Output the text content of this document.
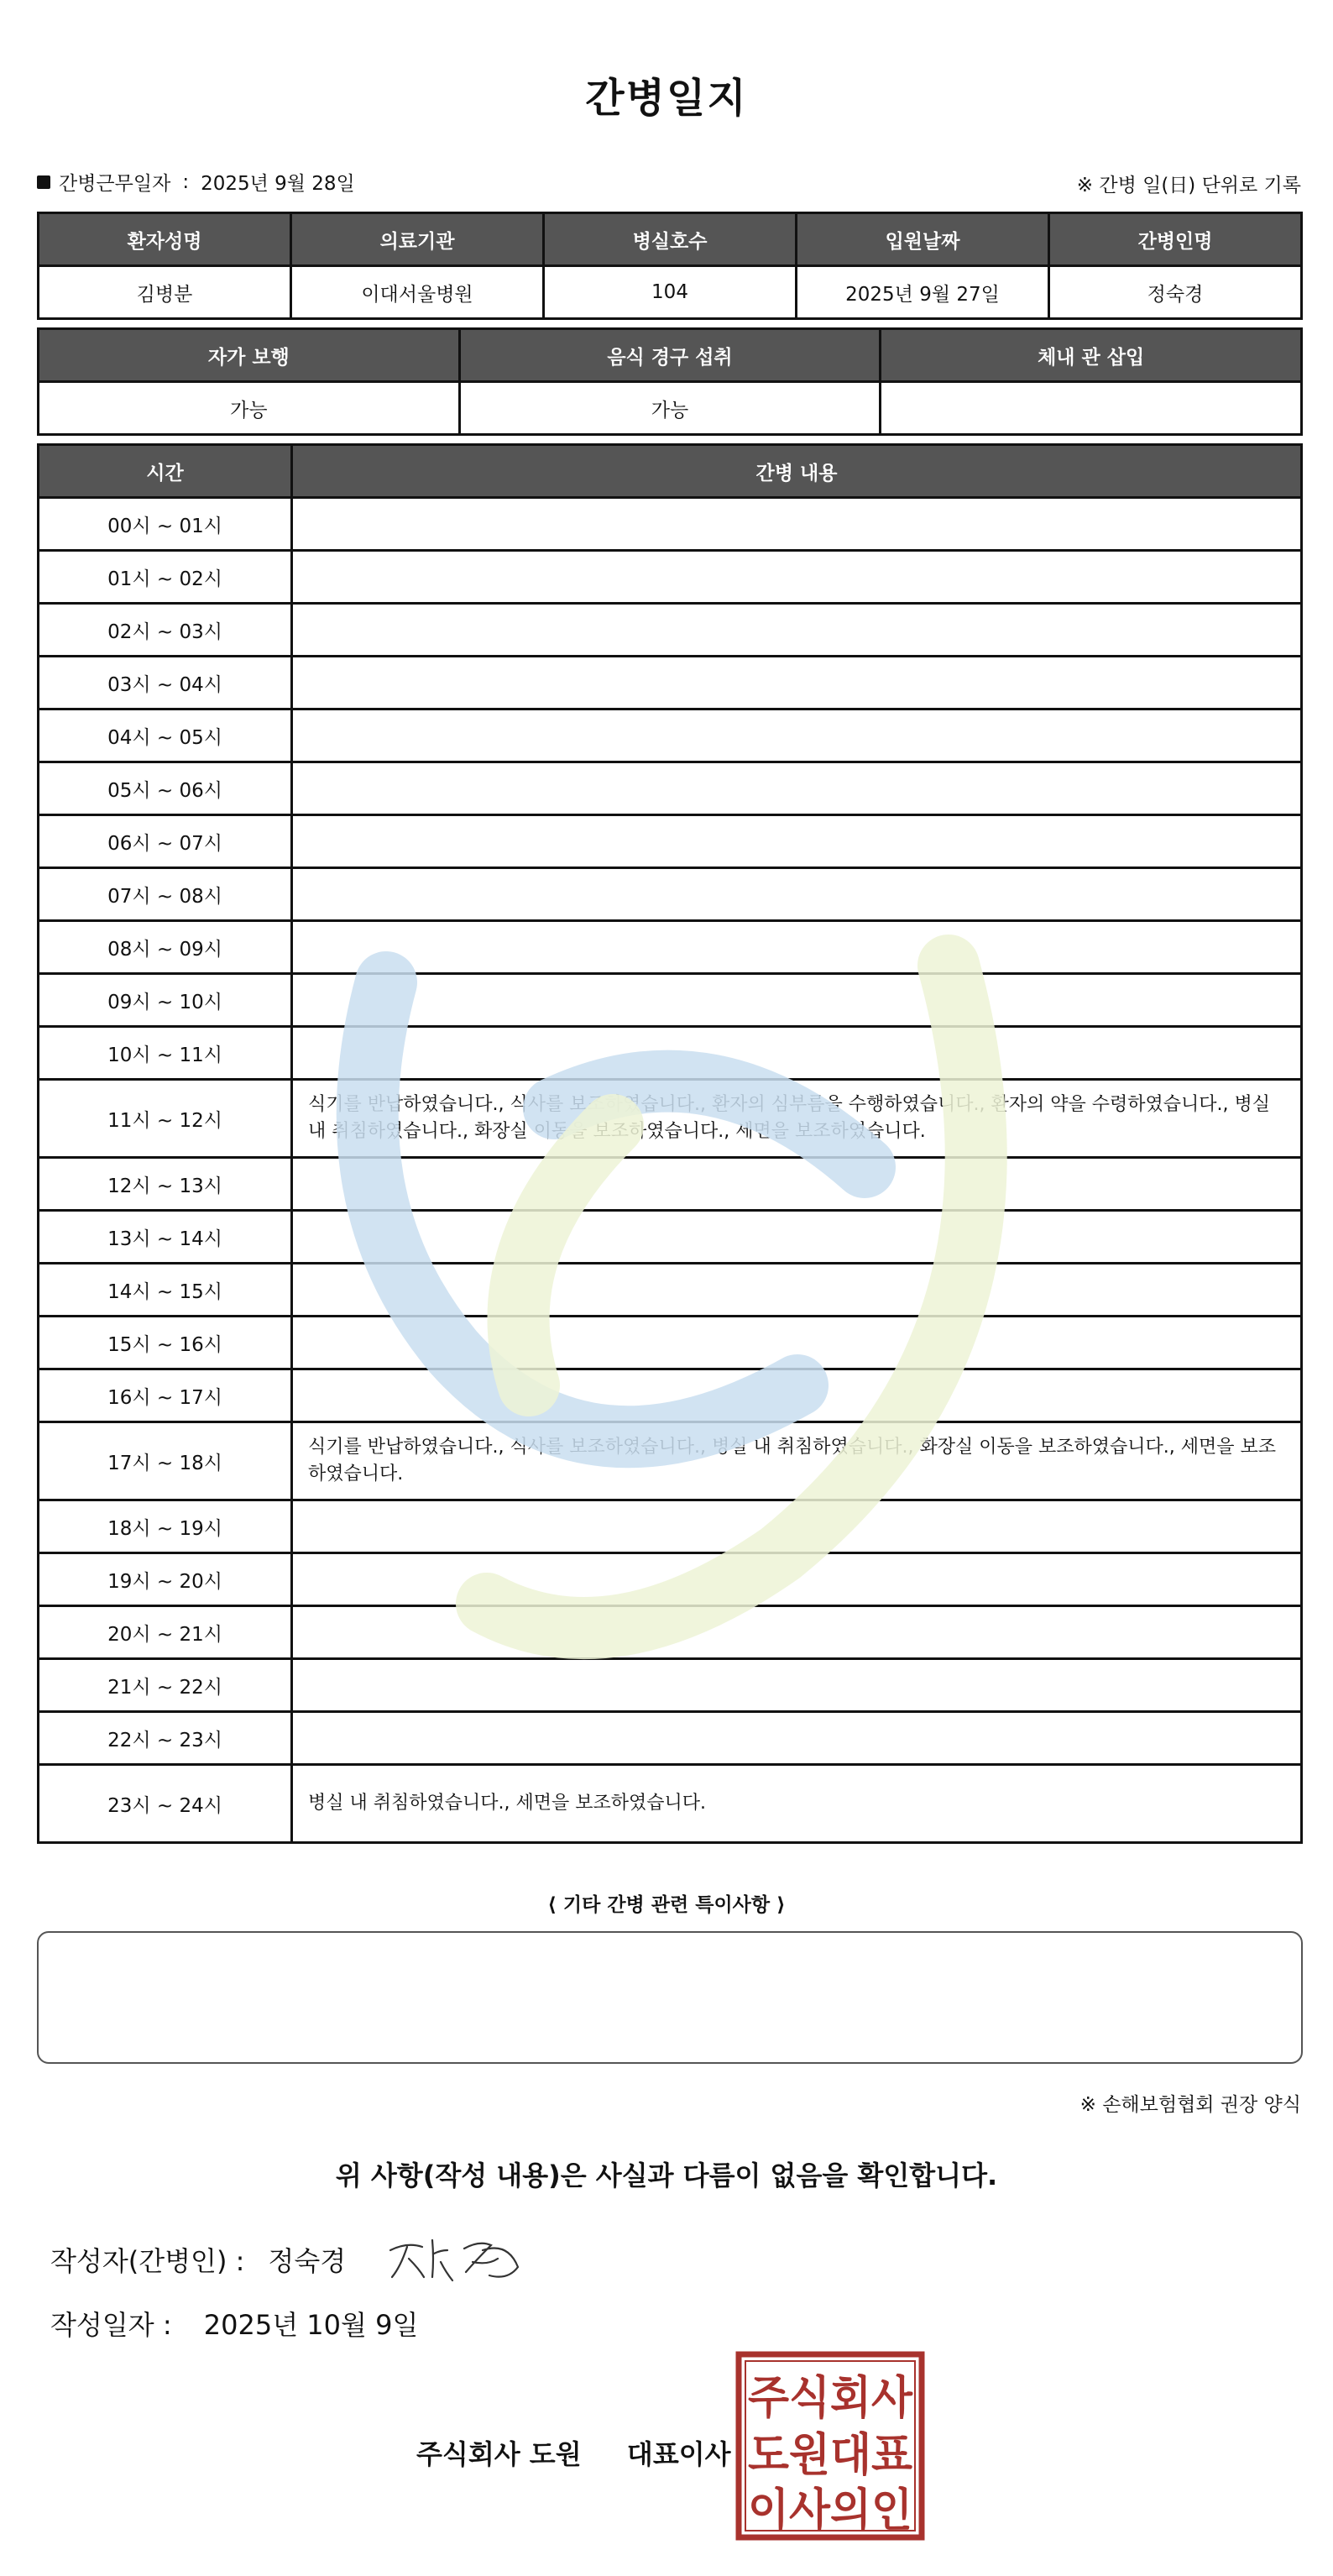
간병일지
간병근무일자 : 2025년 9월 28일	※ 간병 일(日) 단위로 기록
환자성명	의료기관	병실호수	입원날짜	간병인명
김병분	이대서울병원	104	2025년 9월 27일	정숙경
자가 보행	음식 경구 섭취	체내 관 삽입
가능	가능	
시간	간병 내용
00시 ~ 01시	
01시 ~ 02시	
02시 ~ 03시	
03시 ~ 04시	
04시 ~ 05시	
05시 ~ 06시	
06시 ~ 07시	
07시 ~ 08시	
08시 ~ 09시	
09시 ~ 10시	
10시 ~ 11시	
11시 ~ 12시	식기를 반납하였습니다., 식사를 보조하였습니다., 환자의 심부름을 수행하였습니다., 환자의 약을 수령하였습니다., 병실 내 취침하였습니다., 화장실 이동을 보조하였습니다., 세면을 보조하였습니다.
12시 ~ 13시	
13시 ~ 14시	
14시 ~ 15시	
15시 ~ 16시	
16시 ~ 17시	
17시 ~ 18시	식기를 반납하였습니다., 식사를 보조하였습니다., 병실 내 취침하였습니다., 화장실 이동을 보조하였습니다., 세면을 보조하였습니다.
18시 ~ 19시	
19시 ~ 20시	
20시 ~ 21시	
21시 ~ 22시	
22시 ~ 23시	
23시 ~ 24시	병실 내 취침하였습니다., 세면을 보조하였습니다.
⟨ 기타 간병 관련 특이사항 ⟩
※ 손해보험협회 권장 양식
위 사항(작성 내용)은 사실과 다름이 없음을 확인합니다.
작성자(간병인) : 정숙경
작성일자 : 2025년 10월 9일
주식회사 도원 대표이사
주식회사
도원대표
이사의인
